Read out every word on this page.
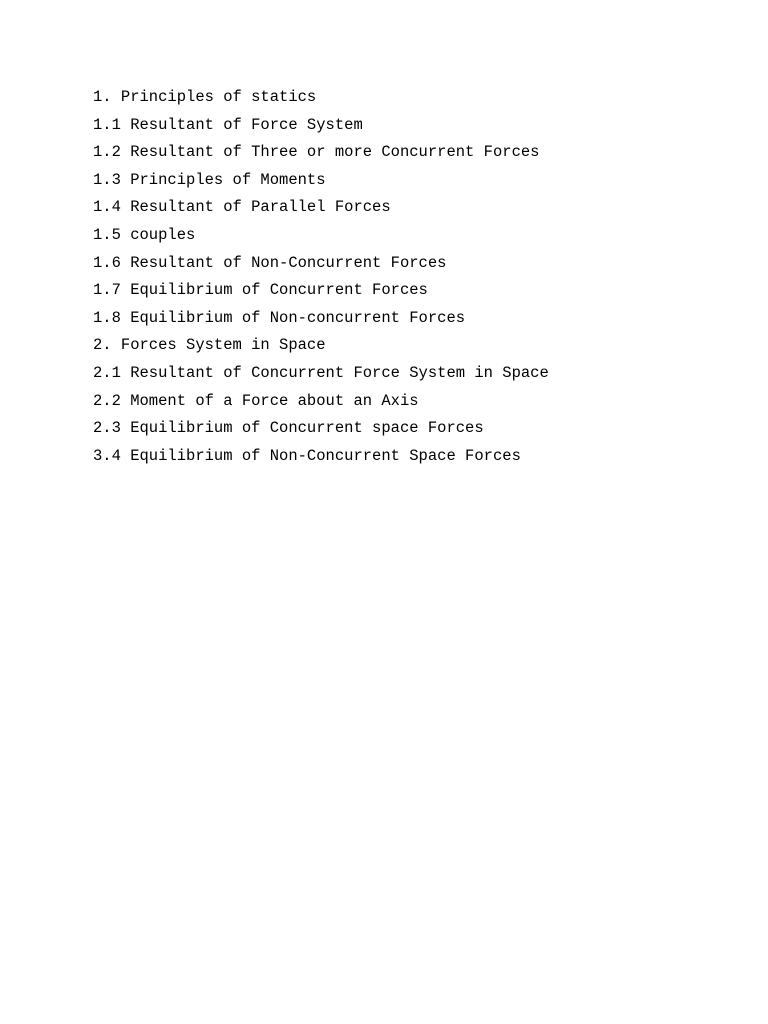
1. Principles of statics
1.1 Resultant of Force System
1.2 Resultant of Three or more Concurrent Forces
1.3 Principles of Moments
1.4 Resultant of Parallel Forces
1.5 couples
1.6 Resultant of Non-Concurrent Forces
1.7 Equilibrium of Concurrent Forces
1.8 Equilibrium of Non-concurrent Forces
2. Forces System in Space
2.1 Resultant of Concurrent Force System in Space
2.2 Moment of a Force about an Axis
2.3 Equilibrium of Concurrent space Forces
3.4 Equilibrium of Non-Concurrent Space Forces
